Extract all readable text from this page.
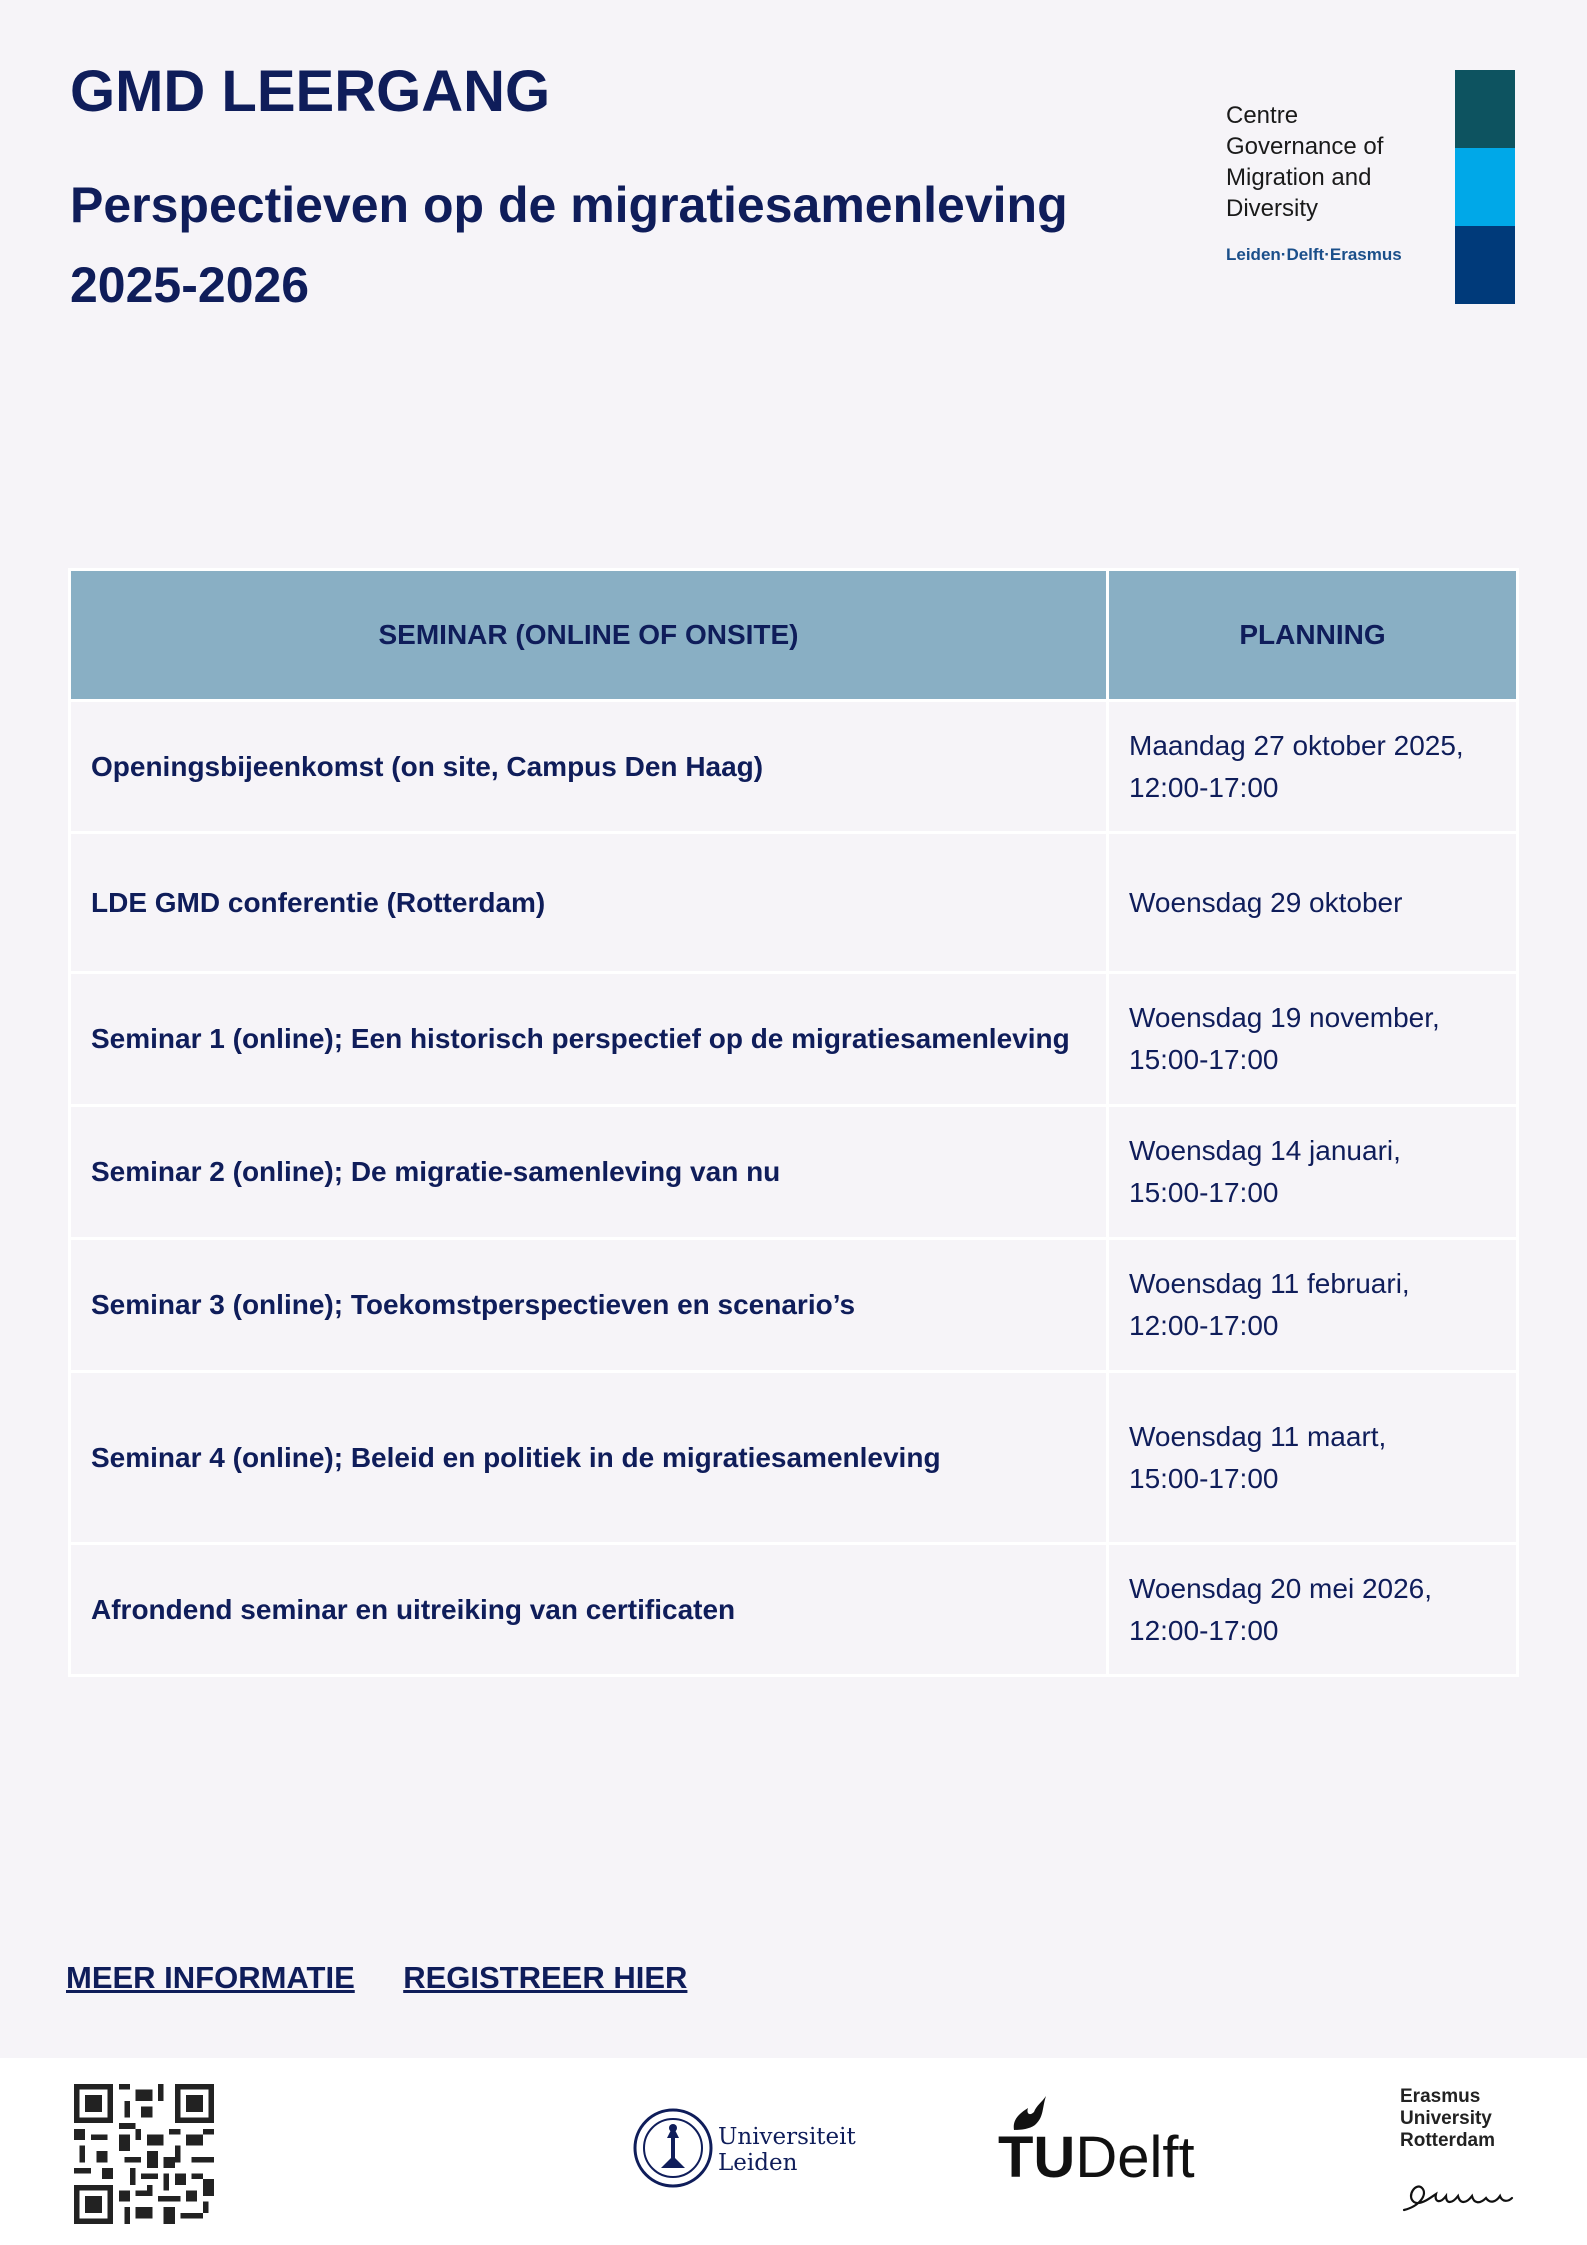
GMD LEERGANG
Perspectieven op de migratiesamenleving 2025-2026
Centre
Governance of
Migration and
Diversity
Leiden·Delft·Erasmus
SEMINAR (ONLINE OF ONSITE)	PLANNING
Openingsbijeenkomst (on site, Campus Den Haag)	Maandag 27 oktober 2025,
12:00-17:00

LDE GMD conferentie (Rotterdam)	Woensdag 29 oktober

Seminar 1 (online); Een historisch perspectief op de migratiesamenleving	Woensdag 19 november,
15:00-17:00

Seminar 2 (online); De migratie-samenleving van nu	Woensdag 14 januari,
15:00-17:00

Seminar 3 (online); Toekomstperspectieven en scenario’s	Woensdag 11 februari,
12:00-17:00

Seminar 4 (online); Beleid en politiek in de migratiesamenleving	Woensdag 11 maart,
15:00-17:00

Afrondend seminar en uitreiking van certificaten	Woensdag 20 mei 2026,
12:00-17:00
MEER INFORMATIE REGISTREER HIER
Universiteit
Leiden	TUDelft
Erasmus
University
Rotterdam
